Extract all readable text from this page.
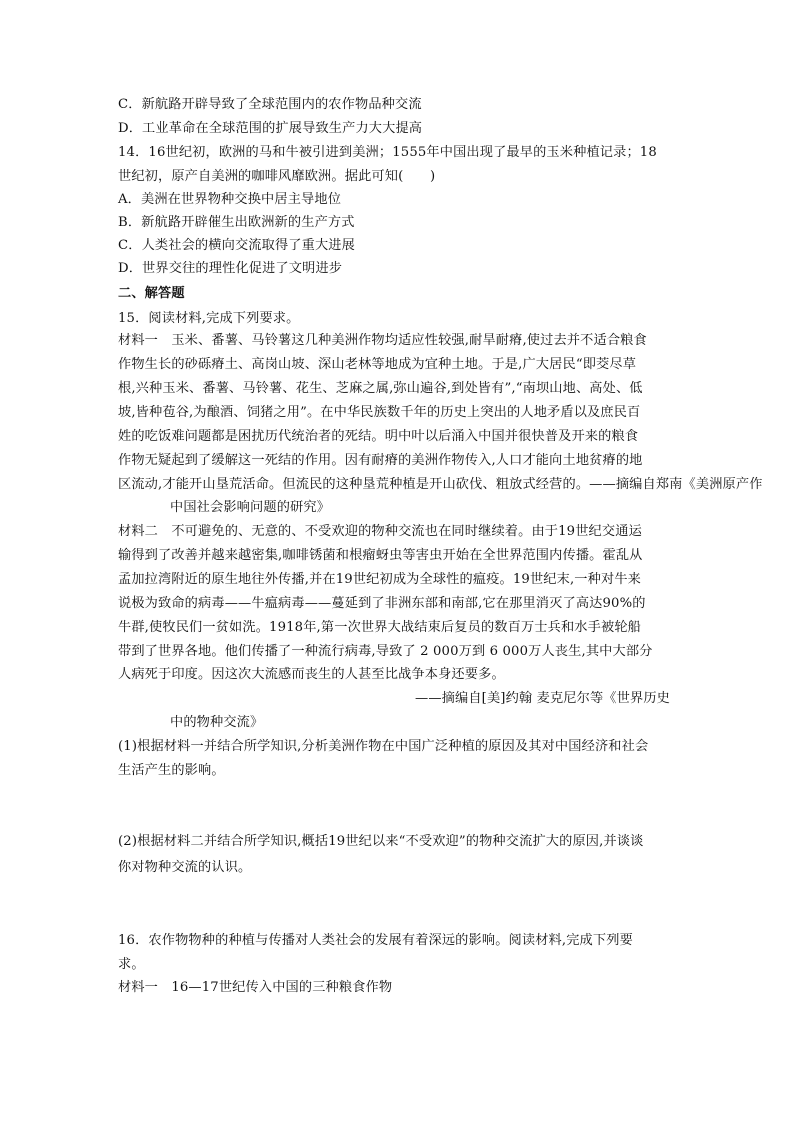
C．新航路开辟导致了全球范围内的农作物品种交流
D．工业革命在全球范围的扩展导致生产力大大提高
14．16世纪初，欧洲的马和牛被引进到美洲；1555年中国出现了最早的玉米种植记录；18
世纪初，原产自美洲的咖啡风靡欧洲。据此可知(　　)
A．美洲在世界物种交换中居主导地位
B．新航路开辟催生出欧洲新的生产方式
C．人类社会的横向交流取得了重大进展
D．世界交往的理性化促进了文明进步
二、解答题
15．阅读材料,完成下列要求。
材料一　玉米、番薯、马铃薯这几种美洲作物均适应性较强,耐旱耐瘠,使过去并不适合粮食
作物生长的砂砾瘠土、高岗山坡、深山老林等地成为宜种土地。于是,广大居民“即茭尽草
根,兴种玉米、番薯、马铃薯、花生、芝麻之属,弥山遍谷,到处皆有”,“南坝山地、高处、低
坡,皆种苞谷,为酿酒、饲猪之用”。在中华民族数千年的历史上突出的人地矛盾以及庶民百
姓的吃饭难问题都是困扰历代统治者的死结。明中叶以后涌入中国并很快普及开来的粮食
作物无疑起到了缓解这一死结的作用。因有耐瘠的美洲作物传入,人口才能向土地贫瘠的地
区流动,才能开山垦荒活命。但流民的这种垦荒种植是开山砍伐、粗放式经营的。——摘编自郑南《美洲原产作
中国社会影响问题的研究》
材料二　不可避免的、无意的、不受欢迎的物种交流也在同时继续着。由于19世纪交通运
输得到了改善并越来越密集,咖啡锈菌和根瘤蚜虫等害虫开始在全世界范围内传播。霍乱从
孟加拉湾附近的原生地往外传播,并在19世纪初成为全球性的瘟疫。19世纪末,一种对牛来
说极为致命的病毒——牛瘟病毒——蔓延到了非洲东部和南部,它在那里消灭了高达90%的
牛群,使牧民们一贫如洗。1918年,第一次世界大战结束后复员的数百万士兵和水手被轮船
带到了世界各地。他们传播了一种流行病毒,导致了 2 000万到 6 000万人丧生,其中大部分
人病死于印度。因这次大流感而丧生的人甚至比战争本身还要多。
——摘编自[美]约翰 麦克尼尔等《世界历史
中的物种交流》
(1)根据材料一并结合所学知识,分析美洲作物在中国广泛种植的原因及其对中国经济和社会
生活产生的影响。
(2)根据材料二并结合所学知识,概括19世纪以来“不受欢迎”的物种交流扩大的原因,并谈谈
你对物种交流的认识。
16．农作物物种的种植与传播对人类社会的发展有着深远的影响。阅读材料,完成下列要
求。
材料一　16—17世纪传入中国的三种粮食作物
